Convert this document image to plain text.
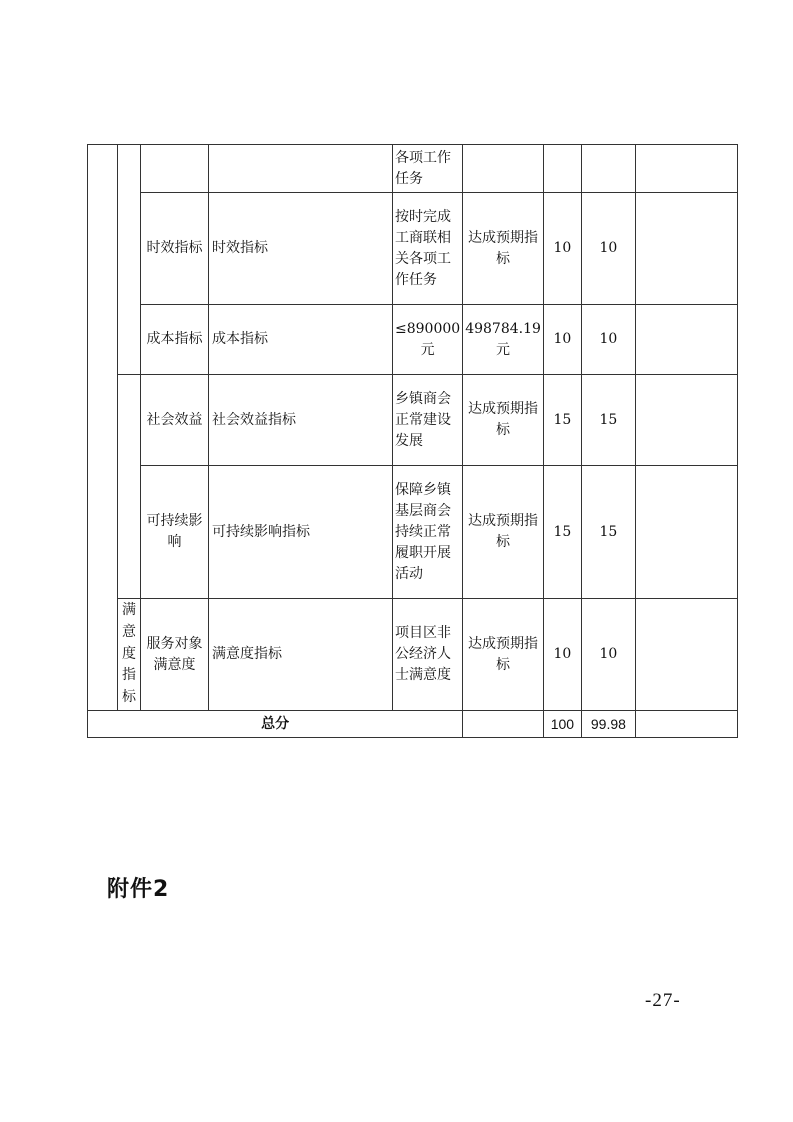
				各项工作任务				
		时效指标	时效指标	按时完成工商联相关各项工作任务	达成预期指标	10	10	
		成本指标	成本指标	≤890000元	498784.19元	10	10	
		社会效益	社会效益指标	乡镇商会正常建设发展	达成预期指标	15	15	
		可持续影响	可持续影响指标	保障乡镇基层商会持续正常履职开展活动	达成预期指标	15	15	
	满意度指标	服务对象满意度	满意度指标	项目区非公经济人士满意度	达成预期指标	10	10	
总分						100	99.98	
附件2
-27-
